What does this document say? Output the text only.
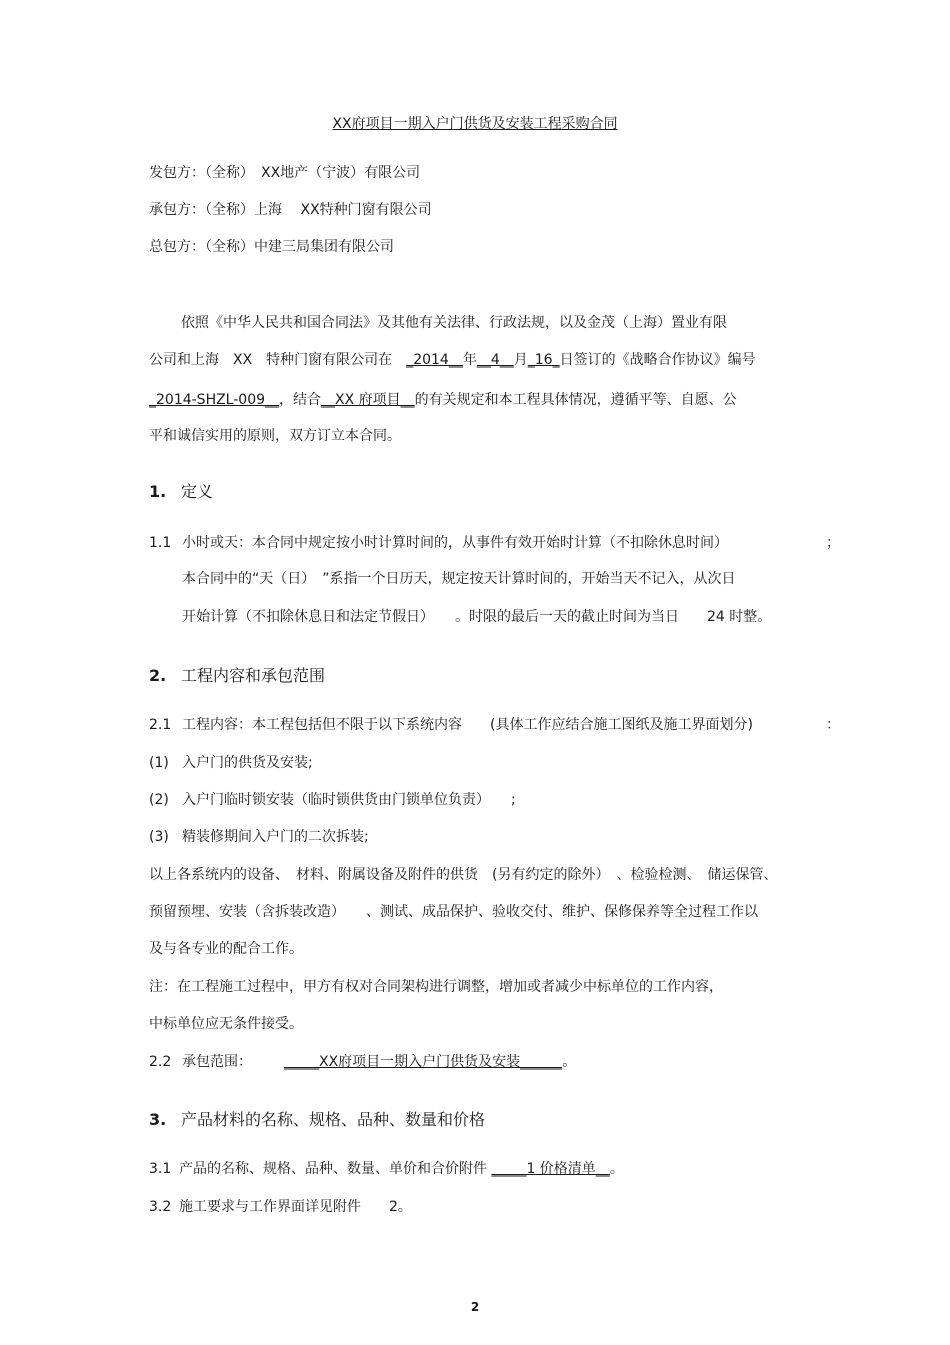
XX府项目一期入户门供货及安装工程采购合同
发包方：（全称）　XX地产（宁波）有限公司
承包方：（全称）上海　 XX特种门窗有限公司
总包方：（全称）中建三局集团有限公司
依照《中华人民共和国合同法》及其他有关法律、行政法规，以及金茂（上海）置业有限
公司和上海　XX　特种门窗有限公司在　_2014__年__4__月_16_日签订的《战略合作协议》编号
_2014-SHZL-009__，结合__XX 府项目__的有关规定和本工程具体情况，遵循平等、自愿、公
平和诚信实用的原则，双方订立本合同。
1. 定义
1.1 小时或天：本合同中规定按小时计算时间的，从事件有效开始时计算（不扣除休息时间）	；
本合同中的“天（日）　”系指一个日历天，规定按天计算时间的，开始当天不记入，从次日
开始计算（不扣除休息日和法定节假日）　　。时限的最后一天的截止时间为当日　　24 时整。
2. 工程内容和承包范围
2.1 工程内容：本工程包括但不限于以下系统内容　　(具体工作应结合施工图纸及施工界面划分)	：
(1) 入户门的供货及安装;
(2) 入户门临时锁安装（临时锁供货由门锁单位负责）　　;
(3) 精装修期间入户门的二次拆装;
以上各系统内的设备、　材料、附属设备及附件的供货　(另有约定的除外）　、检验检测、　储运保管、
预留预埋、安装（含拆装改造）　　、测试、成品保护、验收交付、维护、保修保养等全过程工作以
及与各专业的配合工作。
注：在工程施工过程中，甲方有权对合同架构进行调整，增加或者减少中标单位的工作内容，
中标单位应无条件接受。
2.2 承包范围： _____XX府项目一期入户门供货及安装______。
3. 产品材料的名称、规格、品种、数量和价格
3.1 产品的名称、规格、品种、数量、单价和合价附件 _____1 价格清单__。
3.2 施工要求与工作界面详见附件　　2。
2
